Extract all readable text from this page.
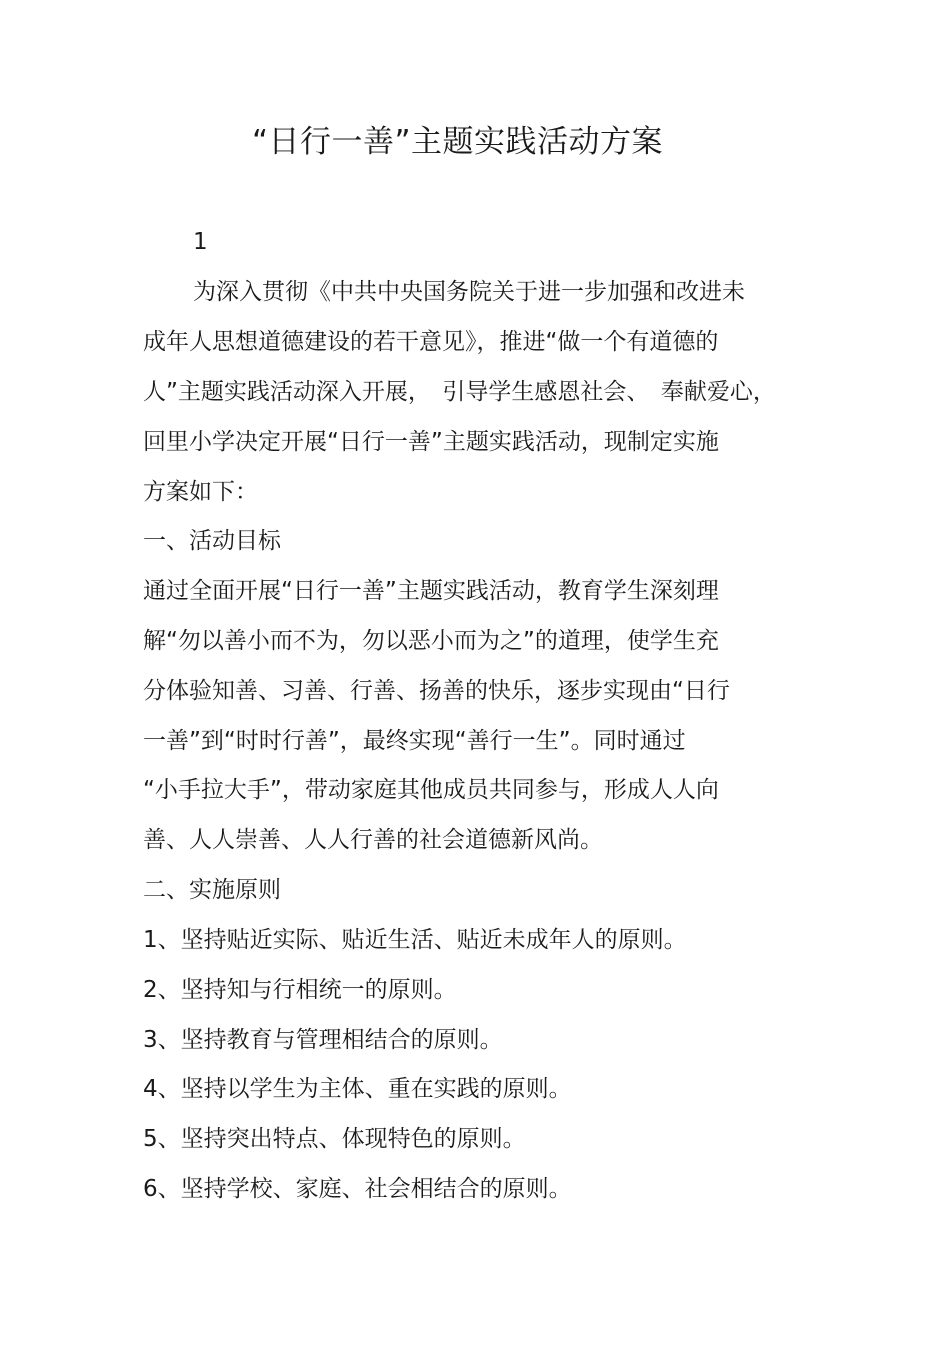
“日行一善”主题实践活动方案
1
为深入贯彻《中共中央国务院关于进一步加强和改进未
成年人思想道德建设的若干意见》，推进“做一个有道德的
人”主题实践活动深入开展，　引导学生感恩社会、　奉献爱心，
回里小学决定开展“日行一善”主题实践活动，现制定实施
方案如下：
一、活动目标
通过全面开展“日行一善”主题实践活动，教育学生深刻理
解“勿以善小而不为，勿以恶小而为之”的道理，使学生充
分体验知善、习善、行善、扬善的快乐，逐步实现由“日行
一善”到“时时行善”，最终实现“善行一生”。同时通过
“小手拉大手”，带动家庭其他成员共同参与，形成人人向
善、人人崇善、人人行善的社会道德新风尚。
二、实施原则
1、坚持贴近实际、贴近生活、贴近未成年人的原则。
2、坚持知与行相统一的原则。
3、坚持教育与管理相结合的原则。
4、坚持以学生为主体、重在实践的原则。
5、坚持突出特点、体现特色的原则。
6、坚持学校、家庭、社会相结合的原则。
